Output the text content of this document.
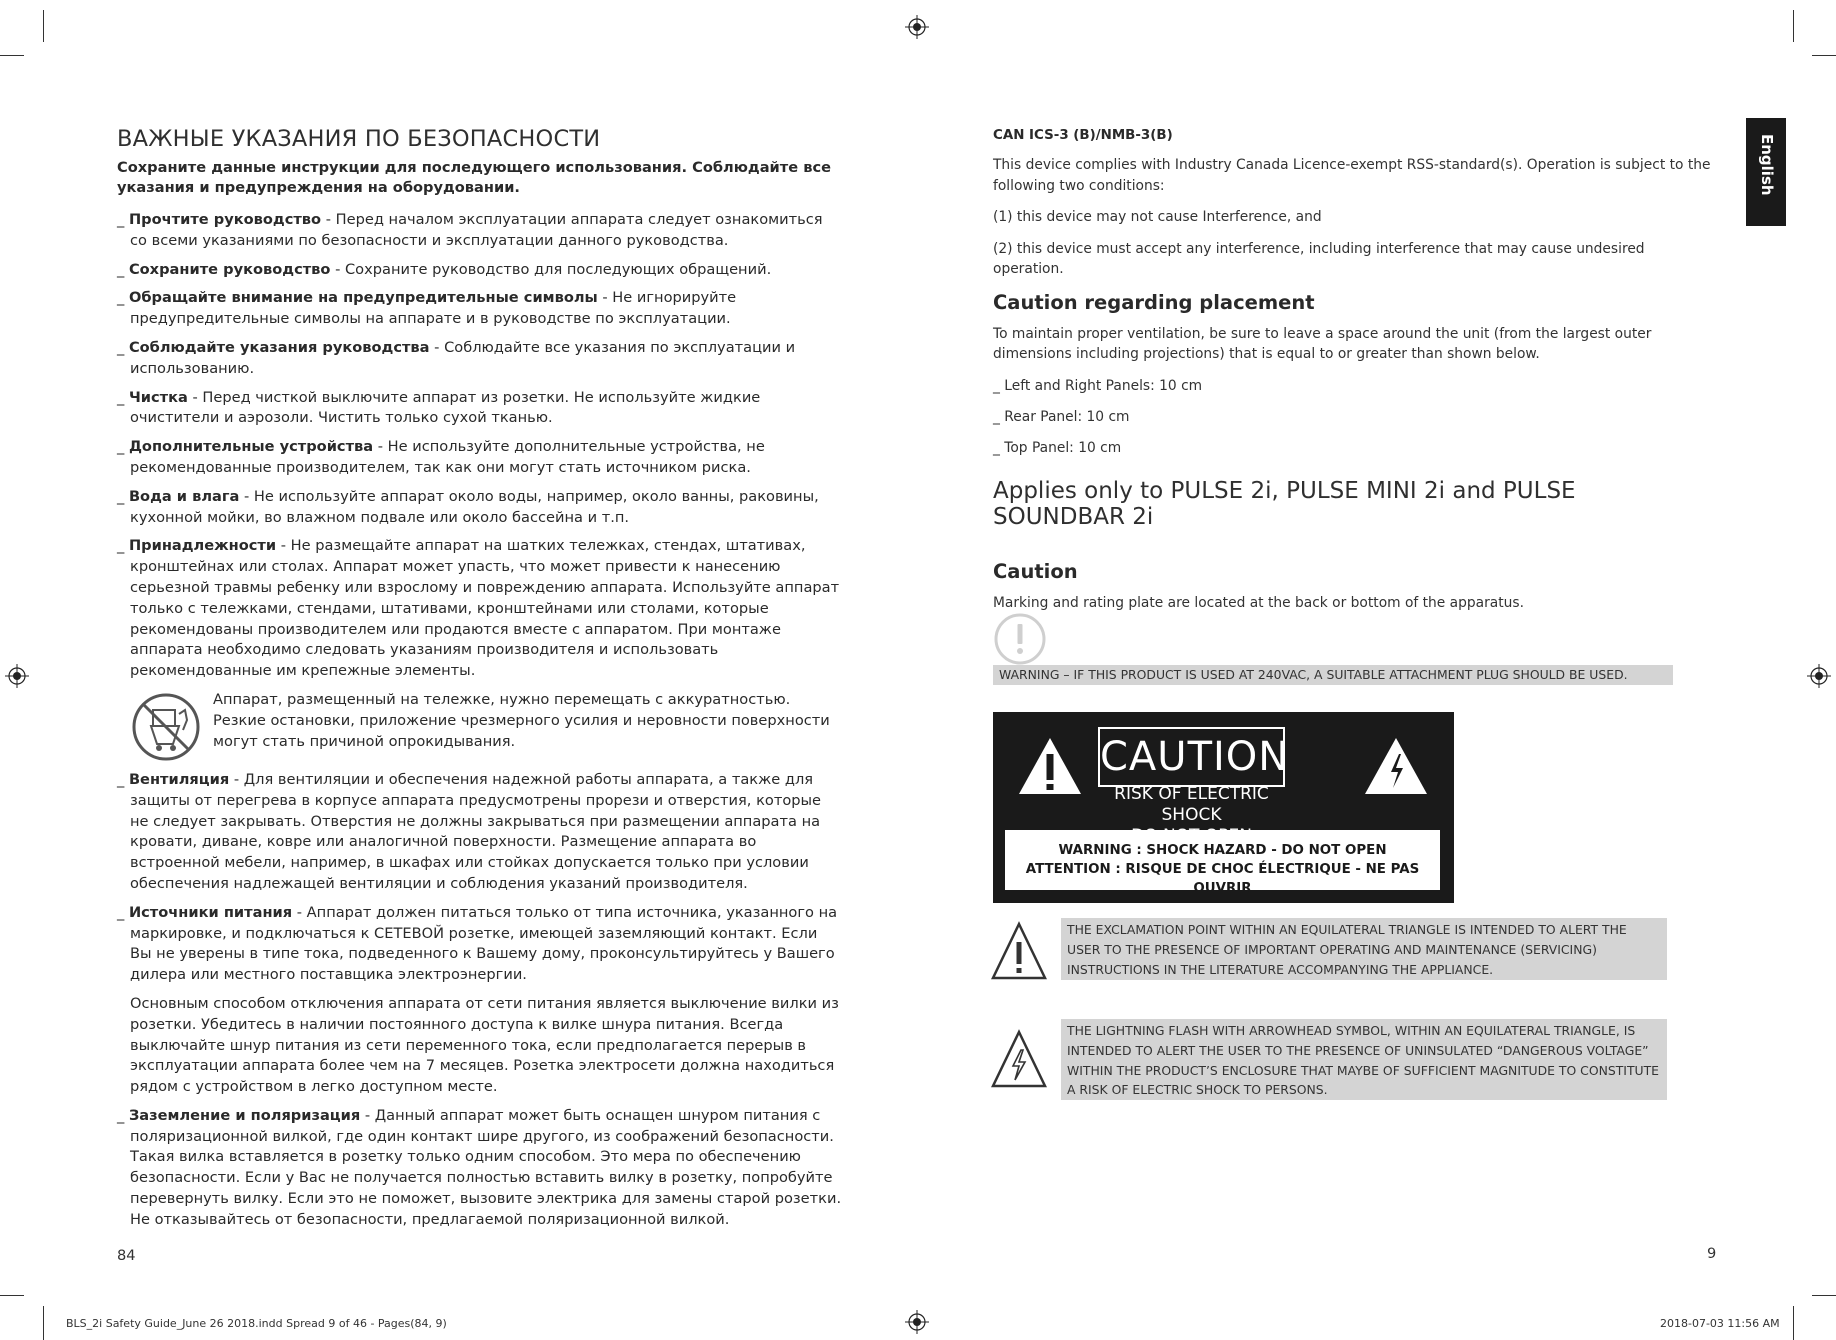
ВАЖНЫЕ УКАЗАНИЯ ПО БЕЗОПАСНОСТИ

Сохраните данные инструкции для последующего использования. Соблюдайте все указания и предупреждения на оборудовании.

_ Прочтите руководство - Перед началом эксплуатации аппарата следует ознакомиться со всеми указаниями по безопасности и эксплуатации данного руководства.

_ Сохраните руководство - Сохраните руководство для последующих обращений.

_ Обращайте внимание на предупредительные символы - Не игнорируйте предупредительные символы на аппарате и в руководстве по эксплуатации.

_ Соблюдайте указания руководства - Соблюдайте все указания по эксплуатации и использованию.

_ Чистка - Перед чисткой выключите аппарат из розетки. Не используйте жидкие очистители и аэрозоли. Чистить только сухой тканью.

_ Дополнительные устройства - Не используйте дополнительные устройства, не рекомендованные производителем, так как они могут стать источником риска.

_ Вода и влага - Не используйте аппарат около воды, например, около ванны, раковины, кухонной мойки, во влажном подвале или около бассейна и т.п.

_ Принадлежности - Не размещайте аппарат на шатких тележках, стендах, штативах, кронштейнах или столах. Аппарат может упасть, что может привести к нанесению серьезной травмы ребенку или взрослому и повреждению аппарата. Используйте аппарат только с тележками, стендами, штативами, кронштейнами или столами, которые рекомендованы производителем или продаются вместе с аппаратом. При монтаже аппарата необходимо следовать указаниям производителя и использовать рекомендованные им крепежные элементы.

Аппарат, размещенный на тележке, нужно перемещать с аккуратностью. Резкие остановки, приложение чрезмерного усилия и неровности поверхности могут стать причиной опрокидывания.

_ Вентиляция - Для вентиляции и обеспечения надежной работы аппарата, а также для защиты от перегрева в корпусе аппарата предусмотрены прорези и отверстия, которые не следует закрывать. Отверстия не должны закрываться при размещении аппарата на кровати, диване, ковре или аналогичной поверхности. Размещение аппарата во встроенной мебели, например, в шкафах или стойках допускается только при условии обеспечения надлежащей вентиляции и соблюдения указаний производителя.

_ Источники питания - Аппарат должен питаться только от типа источника, указанного на маркировке, и подключаться к СЕТЕВОЙ розетке, имеющей заземляющий контакт. Если Вы не уверены в типе тока, подведенного к Вашему дому, проконсультируйтесь у Вашего дилера или местного поставщика электроэнергии.

Основным способом отключения аппарата от сети питания является выключение вилки из розетки. Убедитесь в наличии постоянного доступа к вилке шнура питания. Всегда выключайте шнур питания из сети переменного тока, если предполагается перерыв в эксплуатации аппарата более чем на 7 месяцев. Розетка электросети должна находиться рядом с устройством в легко доступном месте.

_ Заземление и поляризация - Данный аппарат может быть оснащен шнуром питания с поляризационной вилкой, где один контакт шире другого, из соображений безопасности. Такая вилка вставляется в розетку только одним способом. Это мера по обеспечению безопасности. Если у Вас не получается полностью вставить вилку в розетку, попробуйте перевернуть вилку. Если это не поможет, вызовите электрика для замены старой розетки. Не отказывайтесь от безопасности, предлагаемой поляризационной вилкой.

84
English

CAN ICS-3 (B)/NMB-3(B)

This device complies with Industry Canada Licence-exempt RSS-standard(s). Operation is subject to the following two conditions:

(1) this device may not cause Interference, and

(2) this device must accept any interference, including interference that may cause undesired operation.

Caution regarding placement

To maintain proper ventilation, be sure to leave a space around the unit (from the largest outer dimensions including projections) that is equal to or greater than shown below.

_ Left and Right Panels: 10 cm

_ Rear Panel: 10 cm

_ Top Panel: 10 cm

Applies only to PULSE 2i, PULSE MINI 2i and PULSE SOUNDBAR 2i

Caution

Marking and rating plate are located at the back or bottom of the apparatus.

WARNING – IF THIS PRODUCT IS USED AT 240VAC, A SUITABLE ATTACHMENT PLUG SHOULD BE USED.
CAUTION
RISK OF ELECTRIC SHOCK
WARNING : SHOCK HAZARD - DO NOT OPEN
ATTENTION : RISQUE DE CHOC ÉLECTRIQUE - NE PAS OUVRIR
THE EXCLAMATION POINT WITHIN AN EQUILATERAL TRIANGLE IS INTENDED TO ALERT THE USER TO THE PRESENCE OF IMPORTANT OPERATING AND MAINTENANCE (SERVICING) INSTRUCTIONS IN THE LITERATURE ACCOMPANYING THE APPLIANCE.
THE LIGHTNING FLASH WITH ARROWHEAD SYMBOL, WITHIN AN EQUILATERAL TRIANGLE, IS INTENDED TO ALERT THE USER TO THE PRESENCE OF UNINSULATED “DANGEROUS VOLTAGE” WITHIN THE PRODUCT’S ENCLOSURE THAT MAYBE OF SUFFICIENT MAGNITUDE TO CONSTITUTE A RISK OF ELECTRIC SHOCK TO PERSONS.
9
BLS_2i Safety Guide_June 26 2018.indd Spread 9 of 46 - Pages(84, 9)	2018-07-03 11:56 AM
